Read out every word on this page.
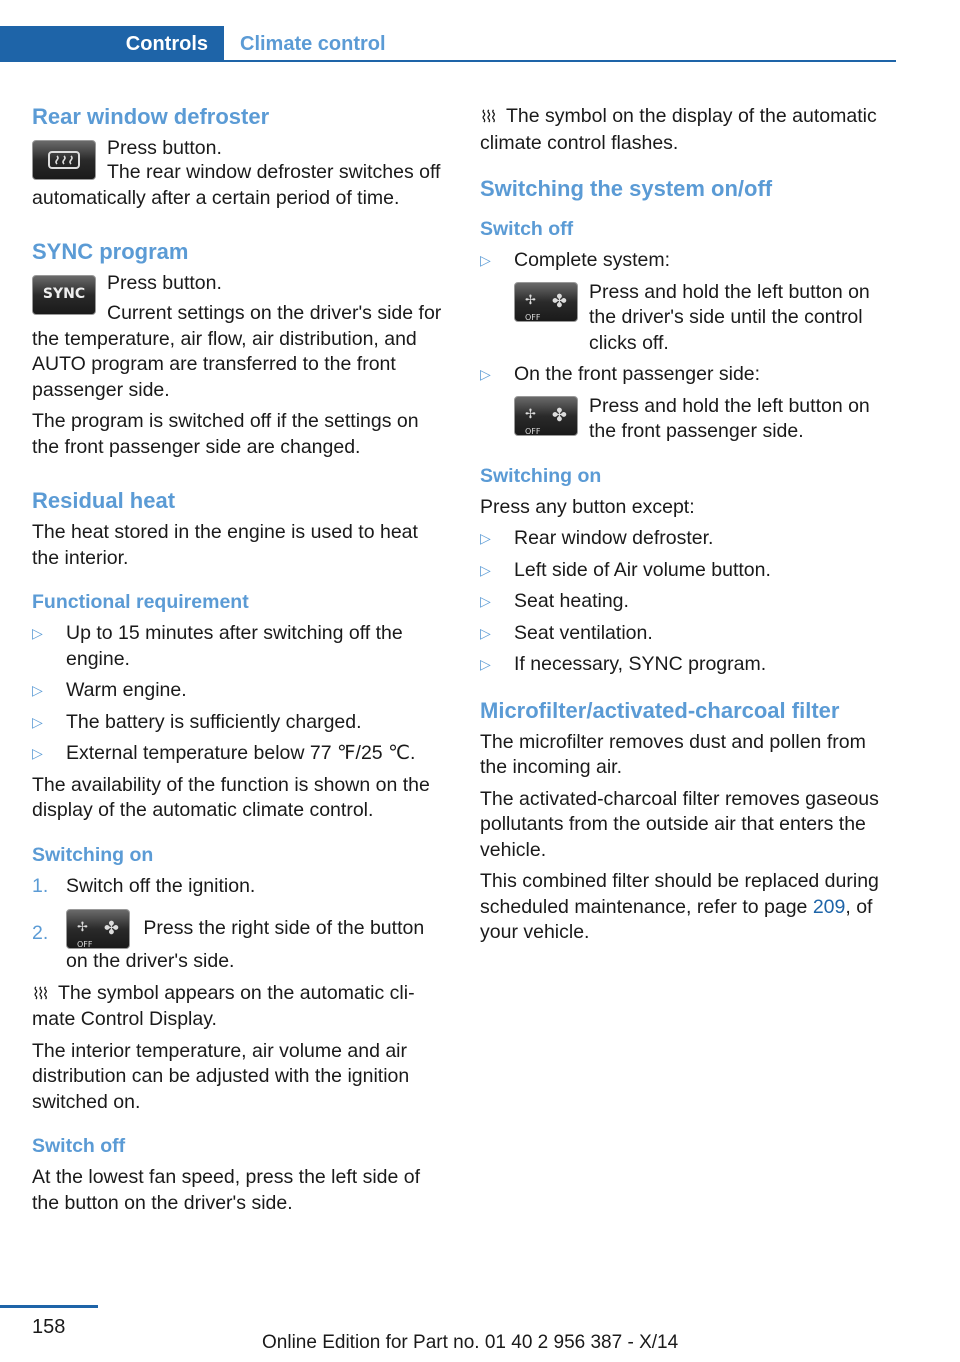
Controls Climate control
Rear window defroster

Press button.

The rear window defroster switches off automatically after a certain period of time.

SYNC program
SYNC

Press button.

Current settings on the driver's side for the temperature, air flow, air distribution, and AUTO program are transferred to the front passenger side.

The program is switched off if the settings on the front passenger side are changed.

Residual heat

The heat stored in the engine is used to heat the interior.

Functional requirement
▷ Up to 15 minutes after switching off the engine.
▷ Warm engine.
▷ The battery is sufficiently charged.
▷ External temperature below 77 ℉/25 ℃.

The availability of the function is shown on the display of the automatic climate control.

Switching on
1. Switch off the ignition.
2. ✢
OFF
✤ Press the right side of the button on the driver's side.

⌇⌇⌇ The symbol appears on the automatic climate Control Display.

The interior temperature, air volume and air distribution can be adjusted with the ignition switched on.

Switch off

At the lowest fan speed, press the left side of the button on the driver's side.

⌇⌇⌇ The symbol on the display of the automatic climate control flashes.

Switching the system on/off
Switch off
▷ Complete system:
✢
OFF
✤ Press and hold the left button on the driver's side until the control clicks off.
▷ On the front passenger side:
✢
OFF
✤ Press and hold the left button on the front passenger side.
Switching on

Press any button except:

▷ Rear window defroster.
▷ Left side of Air volume button.
▷ Seat heating.
▷ Seat ventilation.
▷ If necessary, SYNC program.
Microfilter/activated-charcoal filter

The microfilter removes dust and pollen from the incoming air.

The activated-charcoal filter removes gaseous pollutants from the outside air that enters the vehicle.

This combined filter should be replaced during scheduled maintenance, refer to page 209, of your vehicle.

158
Online Edition for Part no. 01 40 2 956 387 - X/14
